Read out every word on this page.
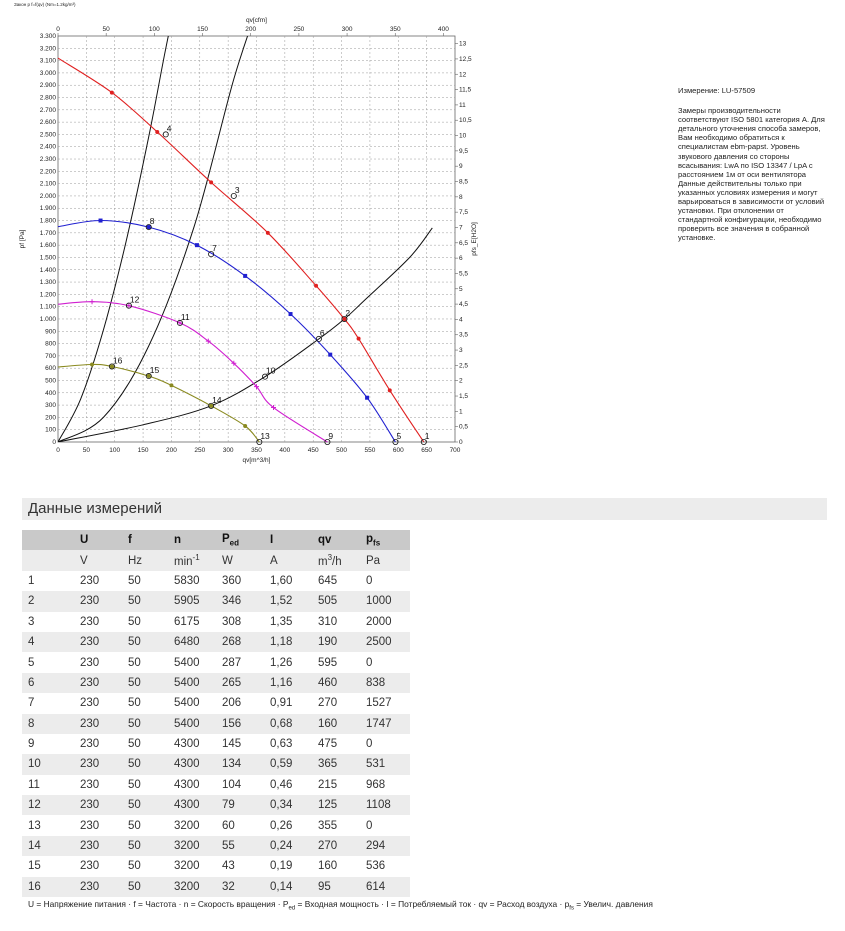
0
100
200
300
400
500
600
700
800
900
1.000
1.100
1.200
1.300
1.400
1.500
1.600
1.700
1.800
1.900
2.000
2.100
2.200
2.300
2.400
2.500
2.600
2.700
2.800
2.900
3.000
3.100
3.200
3.300
0	50	100	150	200	250	300	350	400	450	500	550	600	650	700
0	50	100	150	200	250	300	350	400
0
0,5
1
1,5
2
2,5
3
3,5
4
4,5
5
5,5
6
6,5
7
7,5
8
8,5
9
9,5
10
10,5
11
11,5
12
12,5
13
qv[m^3/h]
qv[cfm]
Закон р f=f(qv) (Nm=1.2kg/m³)
pf [Pa]	pfs_E[H2O]
1
2
3
4
5
6
7
8
9
10
11
12
13
14
15
16
Измерение: LU-57509
Замеры производительности
соответствуют ISO 5801 категория A. Для
детального уточнения способа замеров,
Вам необходимо обратиться к
специалистам ebm-papst. Уровень
звукового давления со стороны
всасывания: LwA по ISO 13347 / LpA с
расстоянием 1м от оси вентилятора
Данные действительны только при
указанных условиях измерения и могут
варьироваться в зависимости от условий
установки. При отклонении от
стандартной конфигурации, необходимо
проверить все значения в собранной
установке.
Данные измерений
	U	f	n	$P_{ed}$	I	qv	$p_{fs}$
	V	Hz	$\min^{-1}$	W	A	$m^3/h$	Pa
1	230	50	5830	360	1,60	645	0
2	230	50	5905	346	1,52	505	1000
3	230	50	6175	308	1,35	310	2000
4	230	50	6480	268	1,18	190	2500
5	230	50	5400	287	1,26	595	0
6	230	50	5400	265	1,16	460	838
7	230	50	5400	206	0,91	270	1527
8	230	50	5400	156	0,68	160	1747
9	230	50	4300	145	0,63	475	0
10	230	50	4300	134	0,59	365	531
11	230	50	4300	104	0,46	215	968
12	230	50	4300	79	0,34	125	1108
13	230	50	3200	60	0,26	355	0
14	230	50	3200	55	0,24	270	294
15	230	50	3200	43	0,19	160	536
16	230	50	3200	32	0,14	95	614
U = Напряжение питания · f = Частота · n = Скорость вращения · $P_{ed}$ = Входная мощность · I = Потребляемый ток · qv = Расход воздуха · $p_{fs}$ = Увелич. давления
